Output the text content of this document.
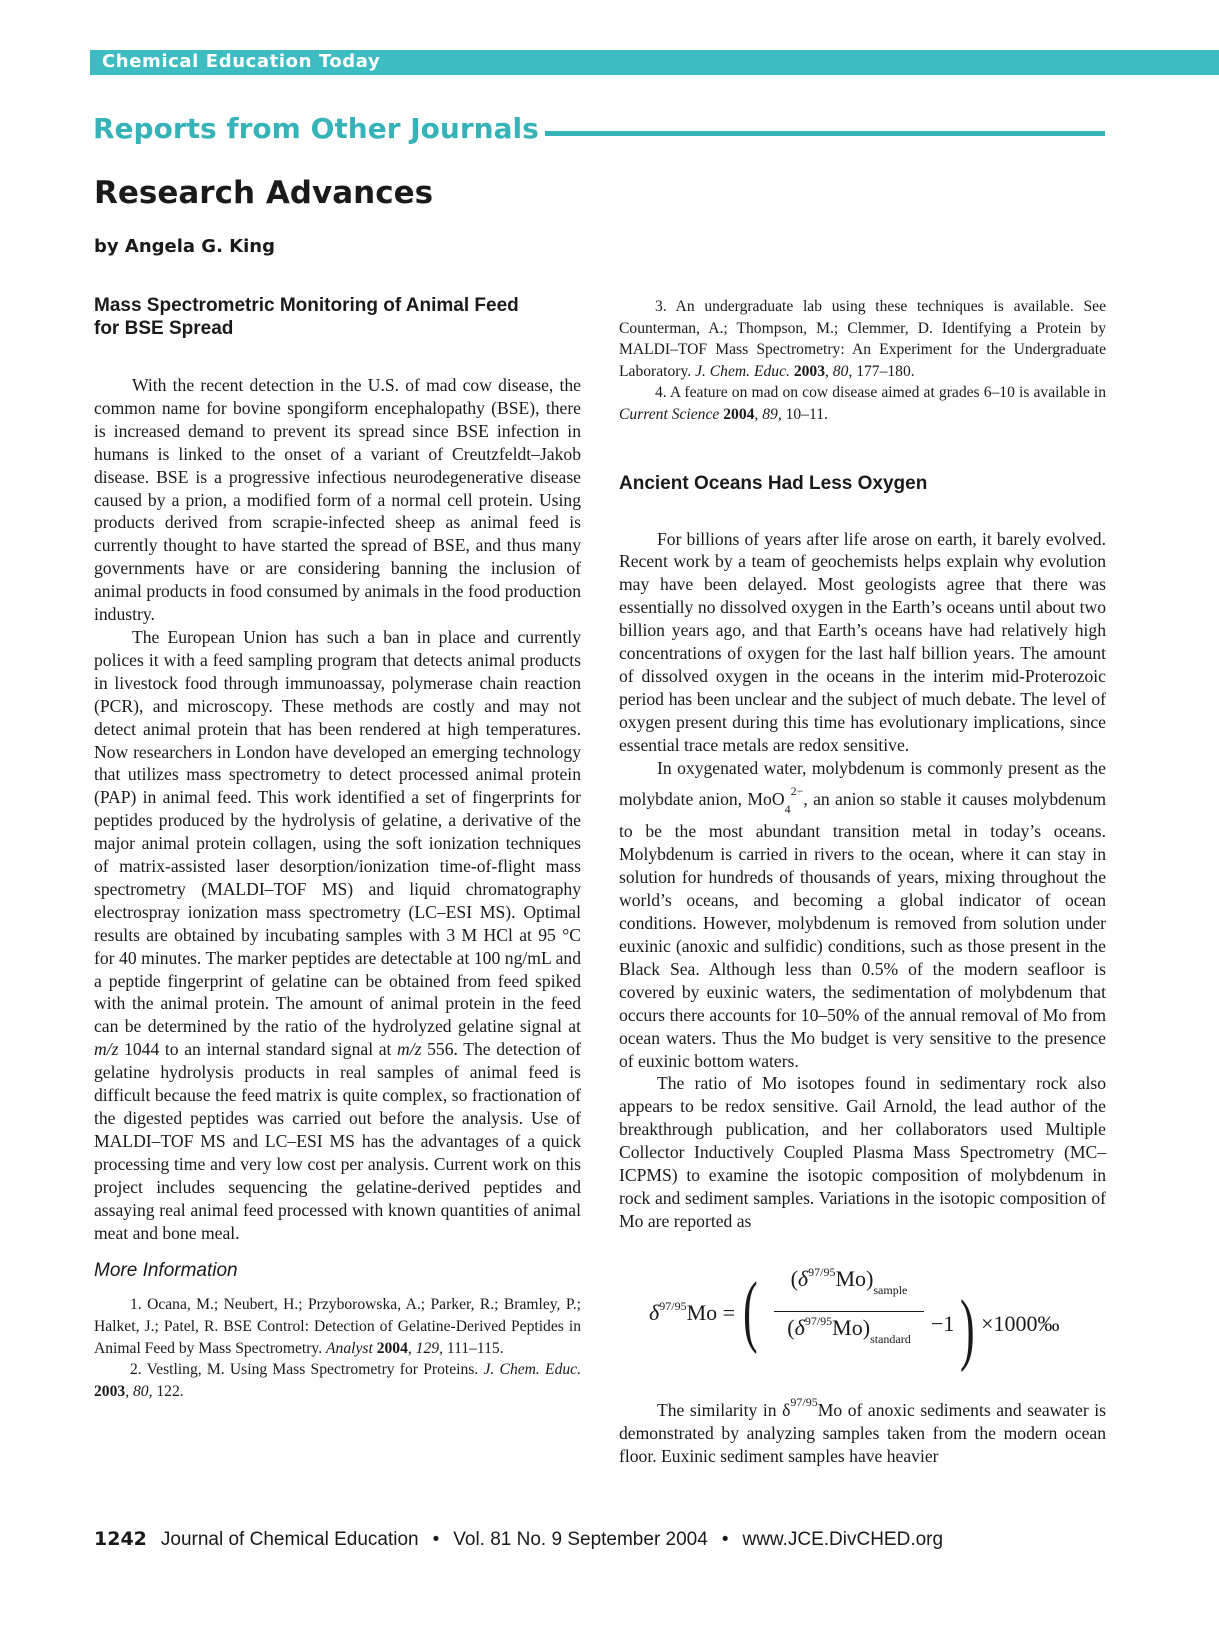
Chemical Education Today
Reports from Other Journals
Research Advances
by Angela G. King
Mass Spectrometric Monitoring of Animal Feed for BSE Spread

With the recent detection in the U.S. of mad cow disease, the common name for bovine spongiform encephalopathy (BSE), there is increased demand to prevent its spread since BSE infection in humans is linked to the onset of a variant of Creutzfeldt–Jakob disease. BSE is a progressive infectious neurodegenerative disease caused by a prion, a modified form of a normal cell protein. Using products derived from scrapie-infected sheep as animal feed is currently thought to have started the spread of BSE, and thus many governments have or are considering banning the inclusion of animal products in food consumed by animals in the food production industry.

The European Union has such a ban in place and currently polices it with a feed sampling program that detects animal products in livestock food through immunoassay, polymerase chain reaction (PCR), and microscopy. These methods are costly and may not detect animal protein that has been rendered at high temperatures. Now researchers in London have developed an emerging technology that utilizes mass spectrometry to detect processed animal protein (PAP) in animal feed. This work identified a set of fingerprints for peptides produced by the hydrolysis of gelatine, a derivative of the major animal protein collagen, using the soft ionization techniques of matrix-assisted laser desorption/ionization time-of-flight mass spectrometry (MALDI–TOF MS) and liquid chromatography electrospray ionization mass spectrometry (LC–ESI MS). Optimal results are obtained by incubating samples with 3 M HCl at 95 °C for 40 minutes. The marker peptides are detectable at 100 ng/mL and a peptide fingerprint of gelatine can be obtained from feed spiked with the animal protein. The amount of animal protein in the feed can be determined by the ratio of the hydrolyzed gelatine signal at m/z 1044 to an internal standard signal at m/z 556. The detection of gelatine hydrolysis products in real samples of animal feed is difficult because the feed matrix is quite complex, so fractionation of the digested peptides was carried out before the analysis. Use of MALDI–TOF MS and LC–ESI MS has the advantages of a quick processing time and very low cost per analysis. Current work on this project includes sequencing the gelatine-derived peptides and assaying real animal feed processed with known quantities of animal meat and bone meal.

More Information

1. Ocana, M.; Neubert, H.; Przyborowska, A.; Parker, R.; Bramley, P.; Halket, J.; Patel, R. BSE Control: Detection of Gelatine-Derived Peptides in Animal Feed by Mass Spectrometry. Analyst 2004, 129, 111–115.

2. Vestling, M. Using Mass Spectrometry for Proteins. J. Chem. Educ. 2003, 80, 122.

3. An undergraduate lab using these techniques is available. See Counterman, A.; Thompson, M.; Clemmer, D. Identifying a Protein by MALDI–TOF Mass Spectrometry: An Experiment for the Undergraduate Laboratory. J. Chem. Educ. 2003, 80, 177–180.

4. A feature on mad on cow disease aimed at grades 6–10 is available in Current Science 2004, 89, 10–11.

Ancient Oceans Had Less Oxygen

For billions of years after life arose on earth, it barely evolved. Recent work by a team of geochemists helps explain why evolution may have been delayed. Most geologists agree that there was essentially no dissolved oxygen in the Earth’s oceans until about two billion years ago, and that Earth’s oceans have had relatively high concentrations of oxygen for the last half billion years. The amount of dissolved oxygen in the oceans in the interim mid-Proterozoic period has been unclear and the subject of much debate. The level of oxygen present during this time has evolutionary implications, since essential trace metals are redox sensitive.

In oxygenated water, molybdenum is commonly present as the molybdate anion, MoO$_4^{2-}$, an anion so stable it causes molybdenum to be the most abundant transition metal in today’s oceans. Molybdenum is carried in rivers to the ocean, where it can stay in solution for hundreds of thousands of years, mixing throughout the world’s oceans, and becoming a global indicator of ocean conditions. However, molybdenum is removed from solution under euxinic (anoxic and sulfidic) conditions, such as those present in the Black Sea. Although less than 0.5% of the modern seafloor is covered by euxinic waters, the sedimentation of molybdenum that occurs there accounts for 10–50% of the annual removal of Mo from ocean waters. Thus the Mo budget is very sensitive to the presence of euxinic bottom waters.

The ratio of Mo isotopes found in sedimentary rock also appears to be redox sensitive. Gail Arnold, the lead author of the breakthrough publication, and her collaborators used Multiple Collector Inductively Coupled Plasma Mass Spectrometry (MC–ICPMS) to examine the isotopic composition of molybdenum in rock and sediment samples. Variations in the isotopic composition of Mo are reported as

$\delta^{97/95}Mo$ = (	$(\delta^{97/95}Mo)_{sample}$
$(\delta^{97/95}Mo)_{standard}$
−1) ×1000‰

The similarity in $\delta^{97/95}Mo$ of anoxic sediments and seawater is demonstrated by analyzing samples taken from the modern ocean floor. Euxinic sediment samples have heavier

1242 Journal of Chemical Education • Vol. 81 No. 9 September 2004 • www.JCE.DivCHED.org
